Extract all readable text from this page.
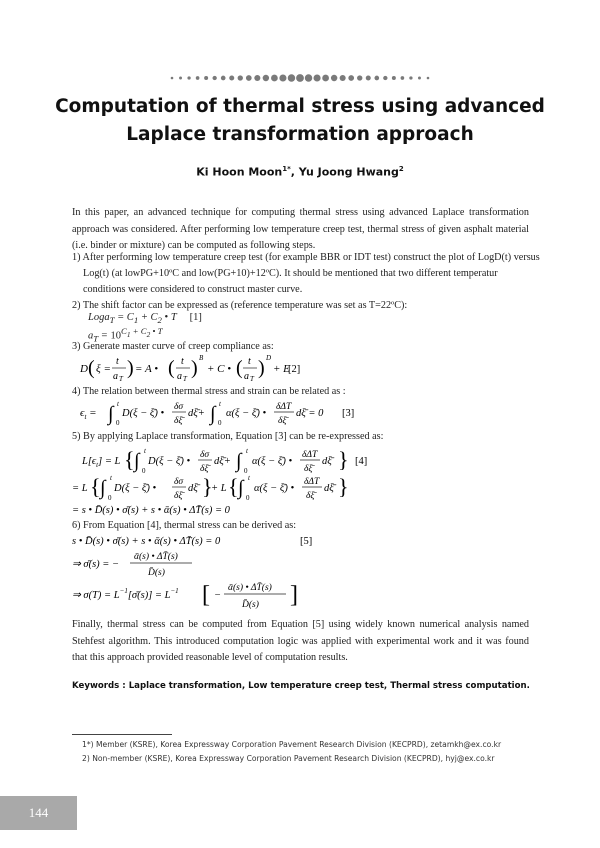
Computation of thermal stress using advanced Laplace transformation approach
Ki Hoon Moon$^{1*}$, Yu Joong Hwang$^2$

In this paper, an advanced technique for computing thermal stress using advanced Laplace transformation approach was considered. After performing low temperature creep test, thermal stress of given asphalt material (i.e. binder or mixture) can be computed as following steps.

1) After performing low temperature creep test (for example BBR or IDT test) construct the plot of LogD(t) versus Log(t) (at lowPG+10ºC and low(PG+10)+12ºC). It should be mentioned that two different temperatur conditions were considered to construct master curve.

2) The shift factor can be expressed as (reference temperature was set as T=22ºC):

Loga$_T$ = $C_1 + C_2$ • T     [1]
$a_T = 10^{C_1 + C_2 • T}$

3) Generate master curve of creep compliance as:

D ( ξ =
t
a T ) = A • ( t
a T ) B
+ C • ( t
a T ) D
+ E
[2]

4) The relation between thermal stress and strain can be related as :

$\epsilon_t$ = ∫ t
0
D(ξ − ξ̄) •
δσ
δξ̄
dξ̄+ ∫ t
0
α(ξ − ξ̄) •
δΔT
δξ̄
dξ̄ = 0 [3]

5) By applying Laplace transformation, Equation [3] can be re-expressed as:

$L[\epsilon_t] = L$ { ∫ t
0
D(ξ − ξ̄) •
δσ
δξ̄
dξ̄+ ∫ t
0
α(ξ − ξ̄) •
δΔT
δξ̄
dξ̄ } [4]
= L { ∫ t
0
D(ξ − ξ̄) •
δσ
δξ̄
dξ̄ }
+ L { ∫ t
0
α(ξ − ξ̄) •
δΔT
δξ̄
dξ̄ }
= s • D̄(s) • σ̄(s) + s • ᾱ(s) • ΔT̄(s) = 0

6) From Equation [4], thermal stress can be derived as:

s • D̄(s) • σ̄(s) + s • ᾱ(s) • ΔT̄(s) = 0	[5]
⇒ σ̄(s) = −
ᾱ(s) • ΔT̄(s)
D̄(s)
⇒ $\sigma(T) = L^{-1}[\sigmā(s)] = L^{-1}$ [ −
ᾱ(s) • ΔT̄(s)
D̄(s) ]

Finally, thermal stress can be computed from Equation [5] using widely known numerical analysis named Stehfest algorithm. This introduced computation logic was applied with experimental work and it was found that this approach provided reasonable level of computation results.

Keywords : Laplace transformation, Low temperature creep test, Thermal stress computation.
1*) Member (KSRE), Korea Expressway Corporation Pavement Research Division (KECPRD), zetamkh@ex.co.kr
2) Non-member (KSRE), Korea Expressway Corporation Pavement Research Division (KECPRD), hyj@ex.co.kr
144
